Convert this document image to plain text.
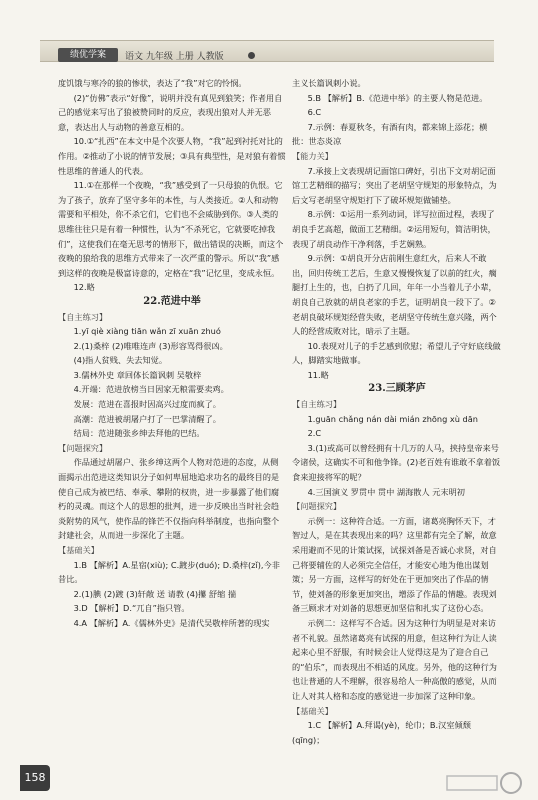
绩优学案	语文 九年级 上册 人教版

度饥饿与寒冷的狼的惨状，表达了“我”对它的怜悯。

(2)“仿佛”表示“好像”，说明并没有真见到狼笑；作者用自己的感觉来写出了狼被赞同时的反应，表现出狼对人并无恶意，表达出人与动物的善意互相的。

10.①“扎西”在本文中是个次要人物，“我”起到衬托对比的作用。②推动了小说的情节发展；③具有典型性，是对狼有着惯性思维的普通人的代表。

11.①在那样一个夜晚，“我”感受到了一只母狼的仇恨。它为了孩子，放弃了坚守多年的本性，与人类接近。②人和动物需要和平相处，你不杀它们，它们也不会威胁到你。③人类的思维往往只是有着一种惯性，认为“不杀死它，它就要吃掉我们”，这使我们在毫无思考的情形下，做出错误的决断，而这个夜晚的狼给我的思维方式带来了一次严重的警示。所以“我”感到这样的夜晚是极富诗意的，定格在“我”记忆里，变成永恒。

12.略

22.范进中举

【自主练习】

1.yī qiè xiàng tiān wǎn zī xuān zhuó

2.(1)桑梓 (2)唯唯连声 (3)形容骂得很凶。

(4)指人贫贱、失去知觉。

3.儒林外史 章回体长篇讽刺 吴敬梓

4.开端：范进放榜当日因家无粮需要卖鸡。

发展：范进在喜报时因高兴过度而疯了。

高潮：范进被胡屠户打了一巴掌清醒了。

结局：范进随张乡绅去拜他的巴结。

【问题探究】

作品通过胡屠户、张乡绅这两个人物对范进的态度，从侧面揭示出范进这类知识分子如何卑屈地追求功名的最终目的是使自己成为被巴结、奉承、攀附的权贵，进一步暴露了他们腐朽的灵魂。而这个人的思想的批判，进一步反映出当时社会趋炎附势的风气，使作品的锋芒不仅指向科举制度，也指向整个封建社会，从而进一步深化了主题。

【基础关】

1.B 【解析】A.星宿(xiù); C.踱步(duó); D.桑梓(zǐ),今非昔比。

2.(1)腆 (2)踱 (3)轩敞 送 请教 (4)攥 舒缩 揣

3.D 【解析】D.“兀自”指只管。

4.A 【解析】A.《儒林外史》是清代吴敬梓所著的现实

主义长篇讽刺小说。

5.B 【解析】B.《范进中举》的主要人物是范进。

6.C

7.示例：春夏秋冬，有酒有肉，都来锦上添花；横批：世态炎凉

【能力关】

7.承接上文表现胡记面馆口碑好，引出下文对胡记面馆工艺精细的描写；突出了老胡坚守规矩的形象特点，为后文写老胡坚守规矩打下了破坏规矩做铺垫。

8.示例：①运用一系列动词，详写拉面过程，表现了胡良手艺高超，做面工艺精细。②运用短句，简洁明快，表现了胡良动作干净利落，手艺娴熟。

9.示例：①胡良开分店前刚生意红火，后来人不敢出，回归传统工艺后，生意又慢慢恢复了以前的红火，瘸腿打上生的，也，白扔了几回，年年一小当着儿子小辈，胡良自己放就的胡良老家的手艺，证明胡良一段下了。②老胡良破坏规矩经营失败，老胡坚守传统生意兴隆，两个人的经营成败对比，暗示了主题。

10.表现对儿子的手艺感到欣慰；希望儿子守好底线做人，脚踏实地做事。

11.略

23.三顾茅庐

【自主练习】

1.guān chǎng nán dài mián zhōng xù dān

2.C

3.(1)或高可以曾经拥有十几万的人马，挟持皇帝来号令诸侯，这确实不可和他争锋。(2)老百姓有谁敢不拿着饭食来迎接将军的呢？

4.三国演义 罗贯中 贯中 湖海散人 元末明初

【问题探究】

示例一：这种符合适。一方面，诸葛亮胸怀天下，才智过人，是在其表现出来的吗？这里都有完全了解，故意采用避而不见的计策试探，试探刘备是否诚心求贤，对自己将要辅佐的人必须完全信任，才能安心地为他出谋划策；另一方面，这样写的好处在于更加突出了作品的情节，使刘备的形象更加突出，增添了作品的情趣。表现刘备三顾求才对刘备的思想更加坚信和扎实了这份心态。

示例二：这样写不合适。因为这种行为明显是对来访者不礼貌。虽然诸葛亮有试探的用意，但这种行为让人读起来心里不舒服，有时候会让人觉得这是为了迎合自己的“伯乐”，而表现出不相适的风度。另外，他的这种行为也让普通的人不理解，很容易给人一种高傲的感觉，从而让人对其人格和态度的感觉进一步加深了这种印象。

【基础关】

1.C 【解析】A.拜谒(yè)，纶巾；B.汉室倾颓(qīng)；

158
